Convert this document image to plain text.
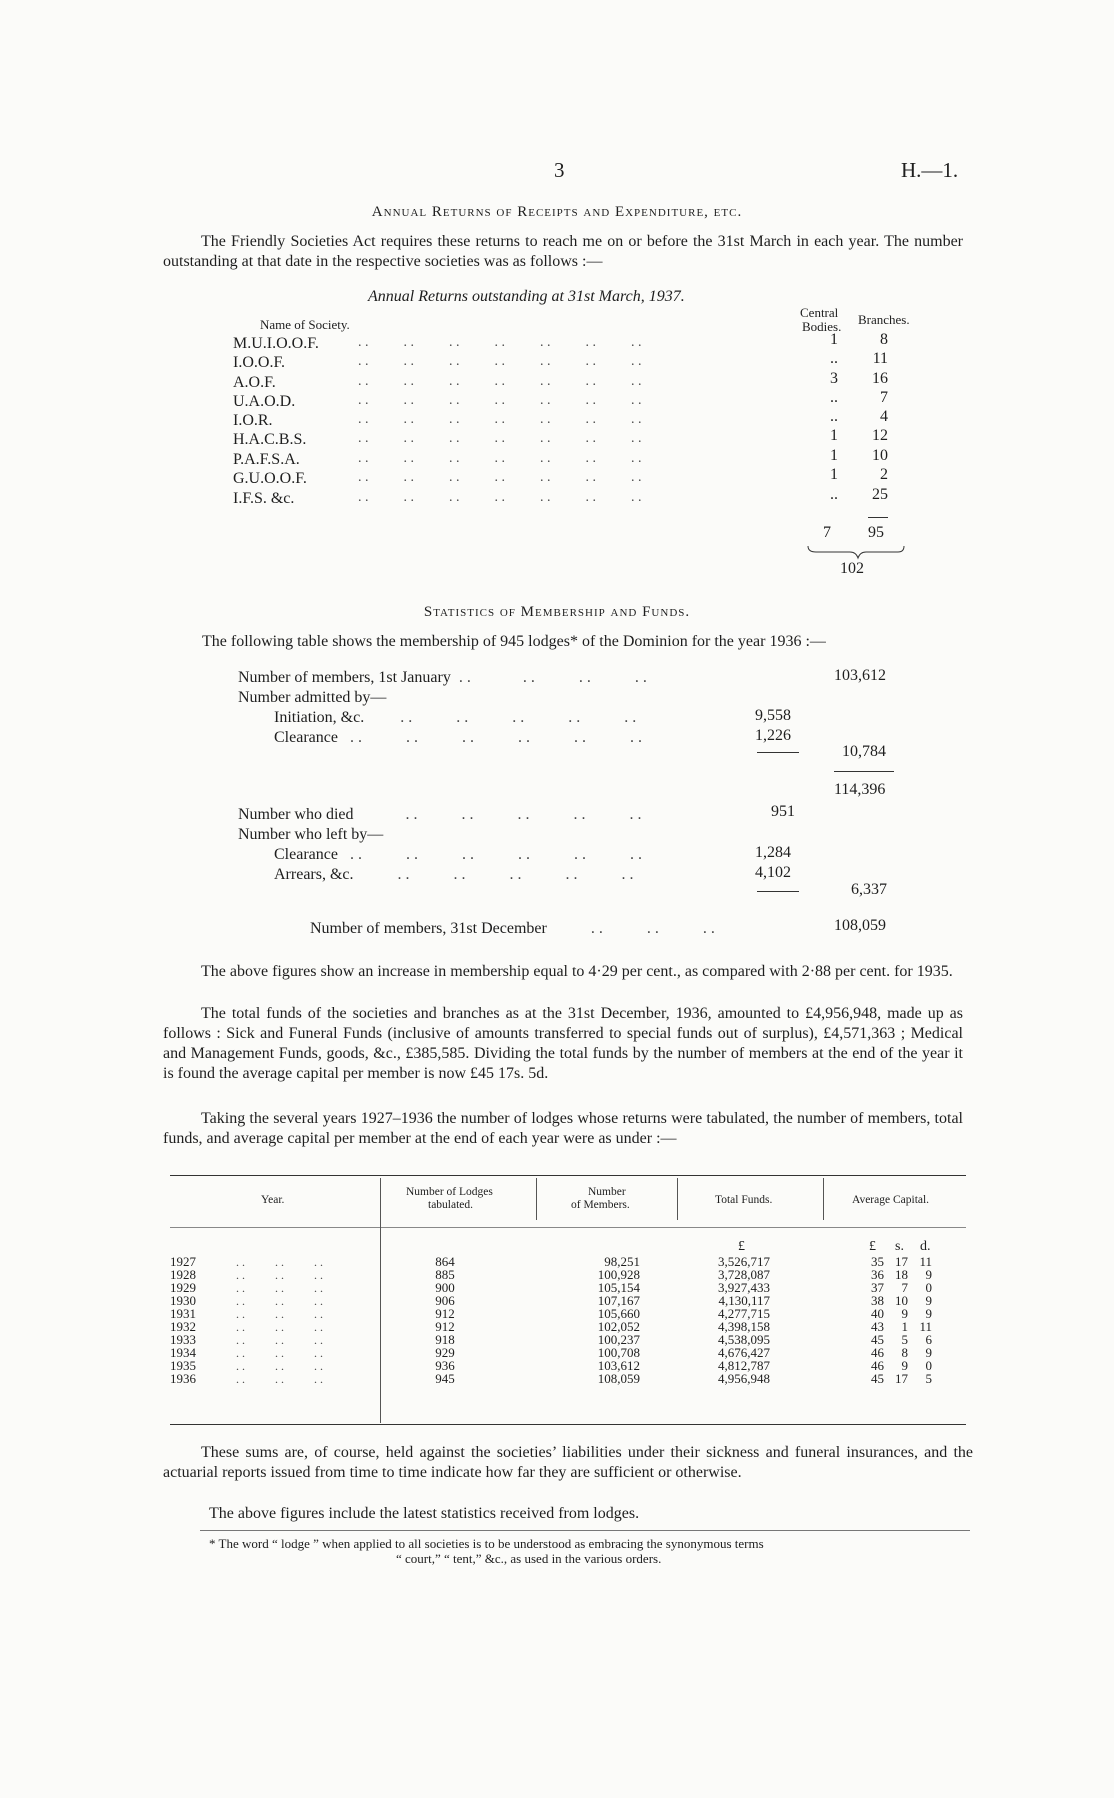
3	H.—1.
Annual Returns of Receipts and Expenditure, etc.
The Friendly Societies Act requires these returns to reach me on or before the 31st March in each year. The number outstanding at that date in the respective societies was as follows :—
Annual Returns outstanding at 31st March, 1937.
Name of Society.
Central
Bodies. Branches.
M.U.I.O.O.F.	. .          . .          . .          . .          . .          . .          . .	1	8
I.O.O.F.	. .          . .          . .          . .          . .          . .          . .	..	11
A.O.F.	. .          . .          . .          . .          . .          . .          . .	3	16
U.A.O.D.	. .          . .          . .          . .          . .          . .          . .	..	7
I.O.R.	. .          . .          . .          . .          . .          . .          . .	..	4
H.A.C.B.S.	. .          . .          . .          . .          . .          . .          . .	1	12
P.A.F.S.A.	. .          . .          . .          . .          . .          . .          . .	1	10
G.U.O.O.F.	. .          . .          . .          . .          . .          . .          . .	1	2
I.F.S. &c.	. .          . .          . .          . .          . .          . .          . .	..	25
7 95
102
Statistics of Membership and Funds.
The following table shows the membership of 945 lodges* of the Dominion for the year 1936 :—
Number of members, 1st January  . .             . .           . .           . .	103,612
Number admitted by—
Initiation, &c.         . .           . .           . .           . .           . .	9,558
Clearance   . .           . .           . .           . .           . .           . .	1,226
10,784
114,396
Number who died             . .           . .           . .           . .           . .	951
Number who left by—
Clearance   . .           . .           . .           . .           . .           . .	1,284
Arrears, &c.           . .           . .           . .           . .           . .	4,102
6,337
Number of members, 31st December           . .           . .           . .	108,059
The above figures show an increase in membership equal to 4·29 per cent., as compared with 2·88 per cent. for 1935.
The total funds of the societies and branches as at the 31st December, 1936, amounted to £4,956,948, made up as follows : Sick and Funeral Funds (inclusive of amounts transferred to special funds out of surplus), £4,571,363 ; Medical and Management Funds, goods, &c., £385,585. Dividing the total funds by the number of members at the end of the year it is found the average capital per member is now £45 17s. 5d.
Taking the several years 1927–1936 the number of lodges whose returns were tabulated, the number of members, total funds, and average capital per member at the end of each year were as under :—
Year.
Number of Lodges
tabulated.
Number
of Members.	Total Funds.	Average Capital.
£	£ s. d.
1927	864	98,251	3,526,717	35 17 11
. .          . .          . .
1928	885	100,928	3,728,087	36 18	9
. .          . .          . .
1929	900	105,154	3,927,433	37	7	0
. .          . .          . .
1930	906	107,167	4,130,117	38 10	9
. .          . .          . .
1931	912	105,660	4,277,715	40	9	9
. .          . .          . .
1932	912	102,052	4,398,158	43	1 11
. .          . .          . .
1933	918	100,237	4,538,095	45	5	6
. .          . .          . .
1934	929	100,708	4,676,427	46	8	9
. .          . .          . .
1935	936	103,612	4,812,787	46	9	0
. .          . .          . .
1936	945	108,059	4,956,948	45 17	5
. .          . .          . .
These sums are, of course, held against the societies’ liabilities under their sickness and funeral insurances, and the actuarial reports issued from time to time indicate how far they are sufficient or otherwise.
The above figures include the latest statistics received from lodges.
* The word “ lodge ” when applied to all societies is to be understood as embracing the synonymous terms
“ court,” “ tent,” &c., as used in the various orders.
